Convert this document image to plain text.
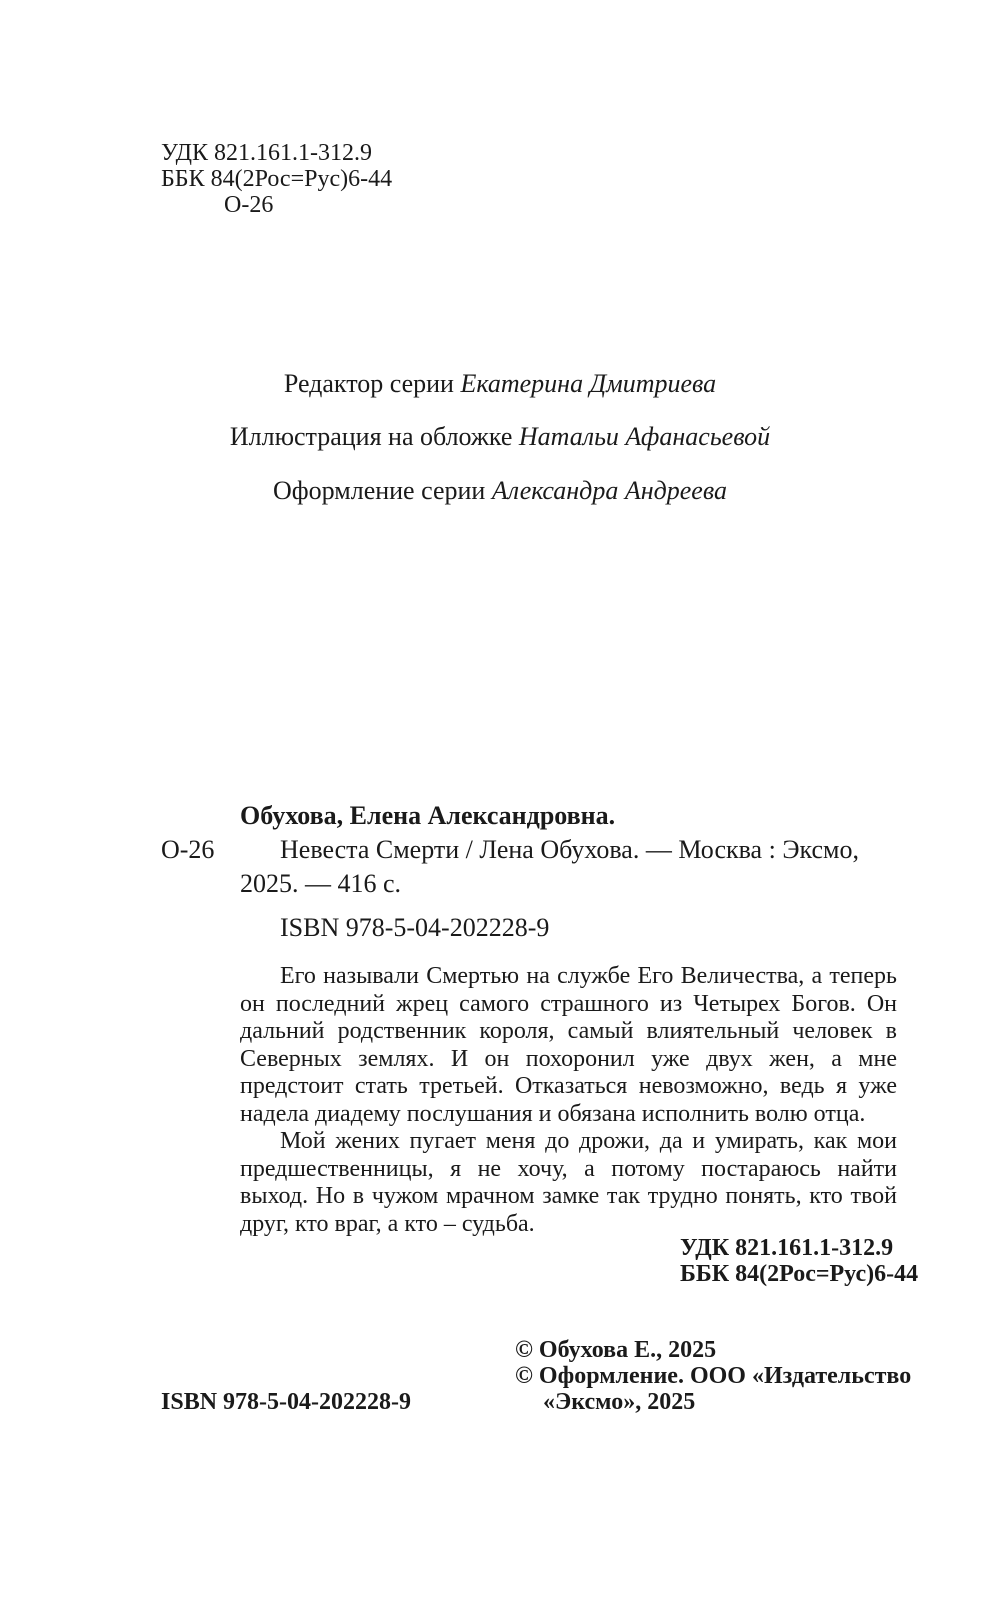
УДК 821.161.1-312.9
ББК 84(2Рос=Рус)6-44
О-26
Редактор серии Екатерина Дмитриева
Иллюстрация на обложке Натальи Афанасьевой
Оформление серии Александра Андреева
Обухова, Елена Александровна.
О-26	Невеста Смерти / Лена Обухова. — Москва : Эксмо,
2025. — 416 с.
ISBN 978-5-04-202228-9

Его называли Смертью на службе Его Величества, а теперь он последний жрец самого страшного из Четырех Богов. Он дальний родственник короля, самый влиятельный человек в Северных землях. И он похоронил уже двух жен, а мне предстоит стать третьей. Отказаться невозможно, ведь я уже надела диадему послушания и обязана исполнить волю отца.

Мой жених пугает меня до дрожи, да и умирать, как мои предшественницы, я не хочу, а потому постараюсь найти выход. Но в чужом мрачном замке так трудно понять, кто твой друг, кто враг, а кто – судьба.

УДК 821.161.1-312.9
ББК 84(2Рос=Рус)6-44
© Обухова Е., 2025
© Оформление. ООО «Издательство
ISBN 978-5-04-202228-9	«Эксмо», 2025
